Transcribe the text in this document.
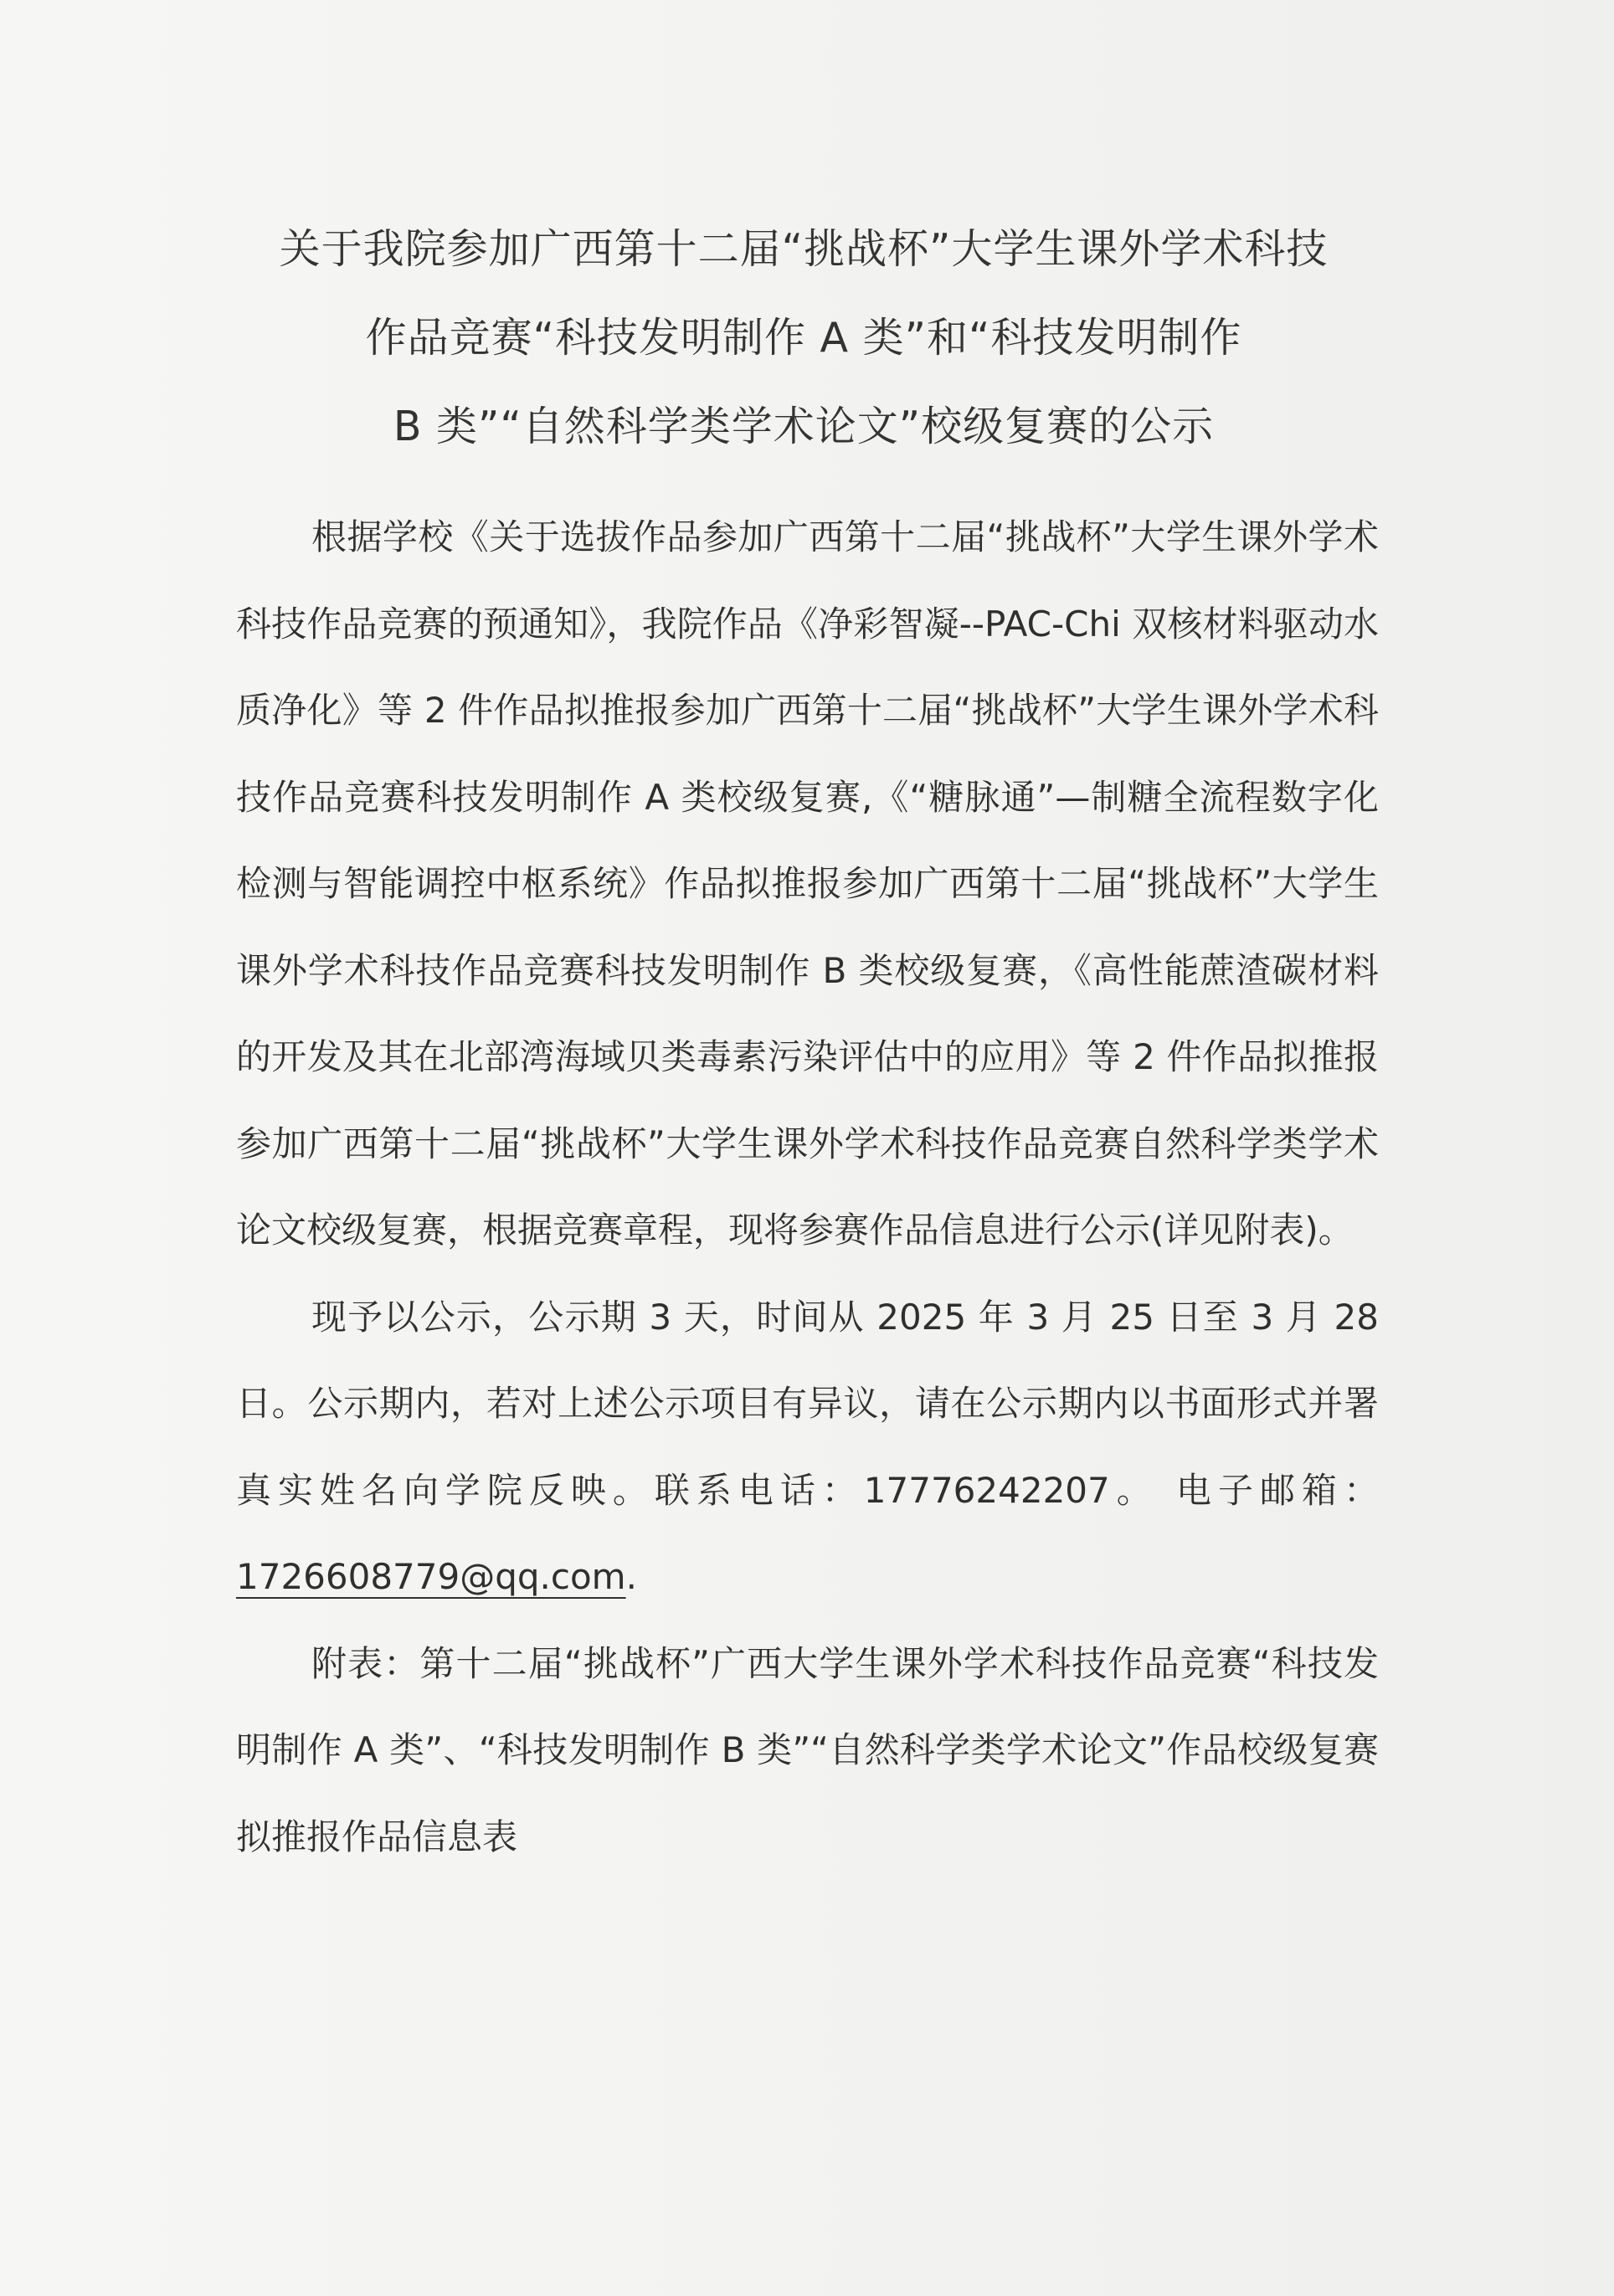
关于我院参加广西第十二届“挑战杯”大学生课外学术科技
作品竞赛“科技发明制作 A 类”和“科技发明制作
B 类”“自然科学类学术论文”校级复赛的公示

根据学校《关于选拔作品参加广西第十二届“挑战杯”大学生课外学术科技作品竞赛的预通知》，我院作品《净彩智凝--PAC-Chi 双核材料驱动水质净化》等 2 件作品拟推报参加广西第十二届“挑战杯”大学生课外学术科技作品竞赛科技发明制作 A 类校级复赛,《“糖脉通”—制糖全流程数字化检测与智能调控中枢系统》作品拟推报参加广西第十二届“挑战杯”大学生课外学术科技作品竞赛科技发明制作 B 类校级复赛，《高性能蔗渣碳材料的开发及其在北部湾海域贝类毒素污染评估中的应用》等 2 件作品拟推报参加广西第十二届“挑战杯”大学生课外学术科技作品竞赛自然科学类学术论文校级复赛，根据竞赛章程，现将参赛作品信息进行公示(详见附表)。

现予以公示，公示期 3 天，时间从 2025 年 3 月 25 日至 3 月 28 日。公示期内，若对上述公示项目有异议，请在公示期内以书面形式并署真实姓名向学院反映。联系电话：17776242207。 电子邮箱：1726608779@qq.com.

附表：第十二届“挑战杯”广西大学生课外学术科技作品竞赛“科技发明制作 A 类”、“科技发明制作 B 类”“自然科学类学术论文”作品校级复赛拟推报作品信息表
